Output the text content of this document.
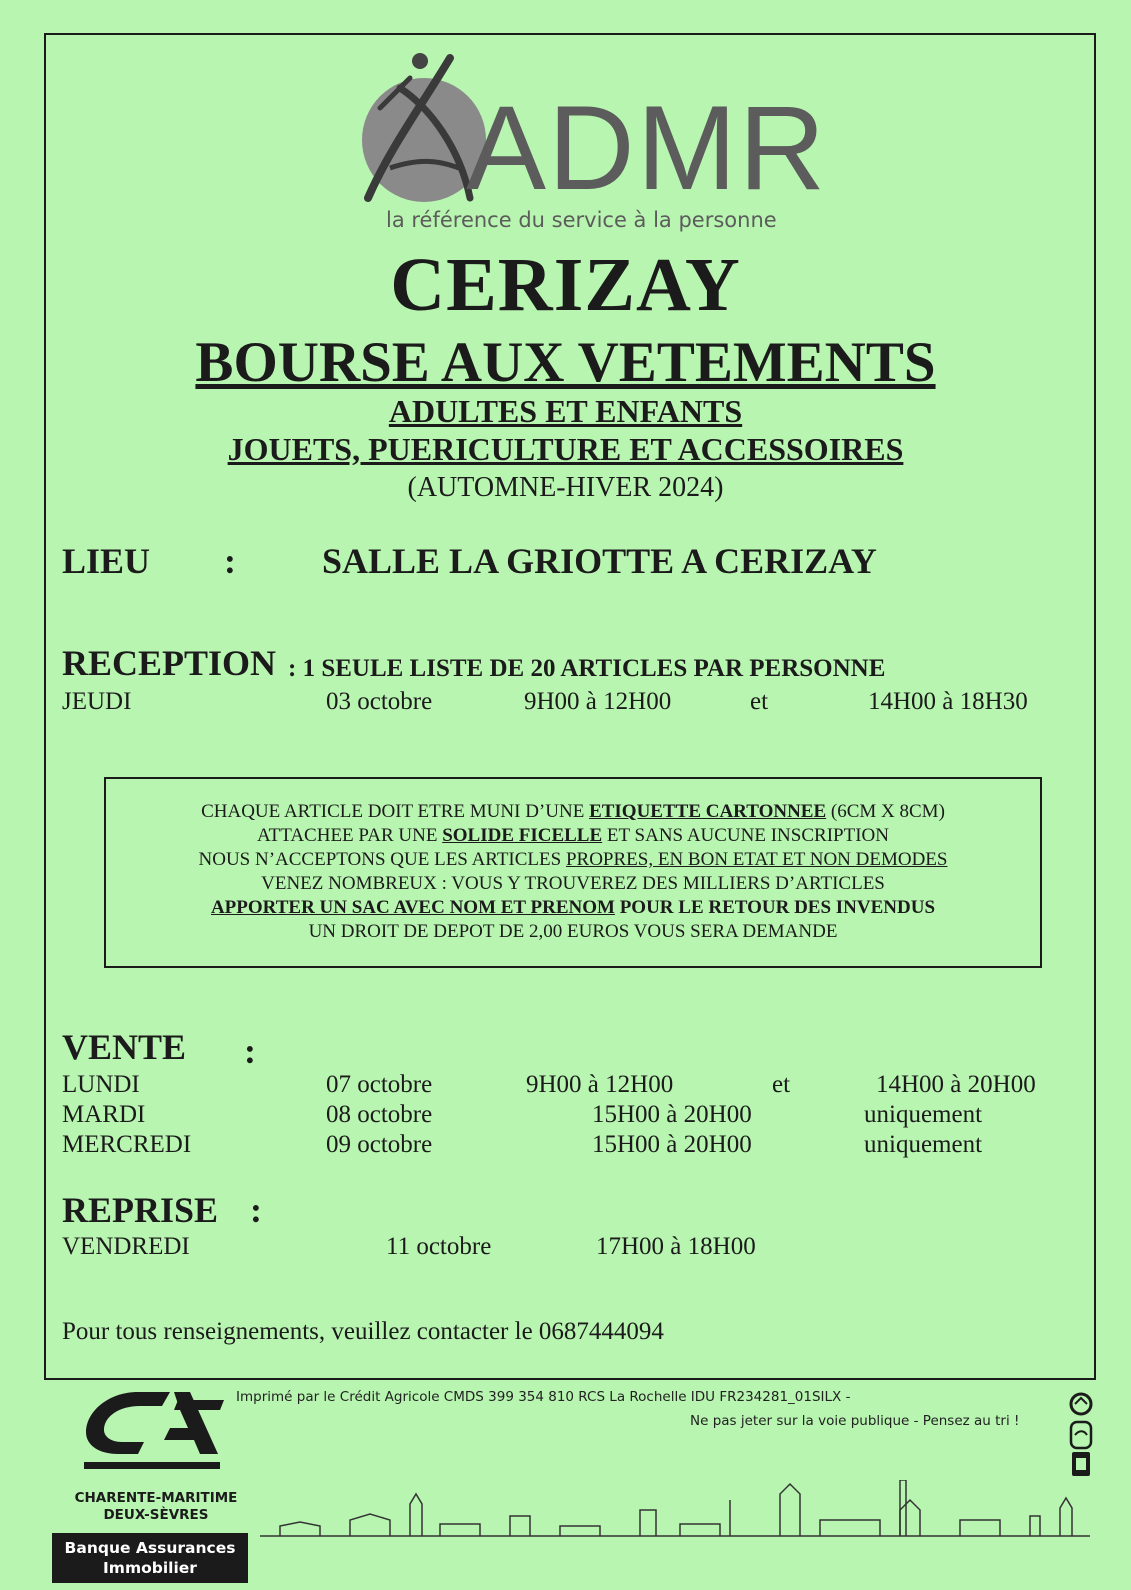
ADMR
la référence du service à la personne
CERIZAY
BOURSE AUX VETEMENTS
ADULTES ET ENFANTS
JOUETS, PUERICULTURE ET ACCESSOIRES
(AUTOMNE-HIVER 2024)
LIEU : SALLE LA GRIOTTE A CERIZAY
RECEPTION : 1 SEULE LISTE DE 20 ARTICLES PAR PERSONNE
JEUDI	03 octobre	9H00 à 12H00	et	14H00 à 18H30
CHAQUE ARTICLE DOIT ETRE MUNI D’UNE ETIQUETTE CARTONNEE (6CM X 8CM)
ATTACHEE PAR UNE SOLIDE FICELLE ET SANS AUCUNE INSCRIPTION
NOUS N’ACCEPTONS QUE LES ARTICLES PROPRES, EN BON ETAT ET NON DEMODES
VENEZ NOMBREUX : VOUS Y TROUVEREZ DES MILLIERS D’ARTICLES
APPORTER UN SAC AVEC NOM ET PRENOM POUR LE RETOUR DES INVENDUS
UN DROIT DE DEPOT DE 2,00 EUROS VOUS SERA DEMANDE
VENTE :
LUNDI	07 octobre	9H00 à 12H00	et	14H00 à 20H00
MARDI	08 octobre	15H00 à 20H00	uniquement
MERCREDI	09 octobre	15H00 à 20H00	uniquement
REPRISE :
VENDREDI	11 octobre	17H00 à 18H00
Pour tous renseignements, veuillez contacter le 0687444094
CHARENTE-MARITIME
DEUX-SÈVRES
Banque Assurances
Immobilier
Imprimé par le Crédit Agricole CMDS 399 354 810 RCS La Rochelle IDU FR234281_01SILX -
Ne pas jeter sur la voie publique - Pensez au tri !
